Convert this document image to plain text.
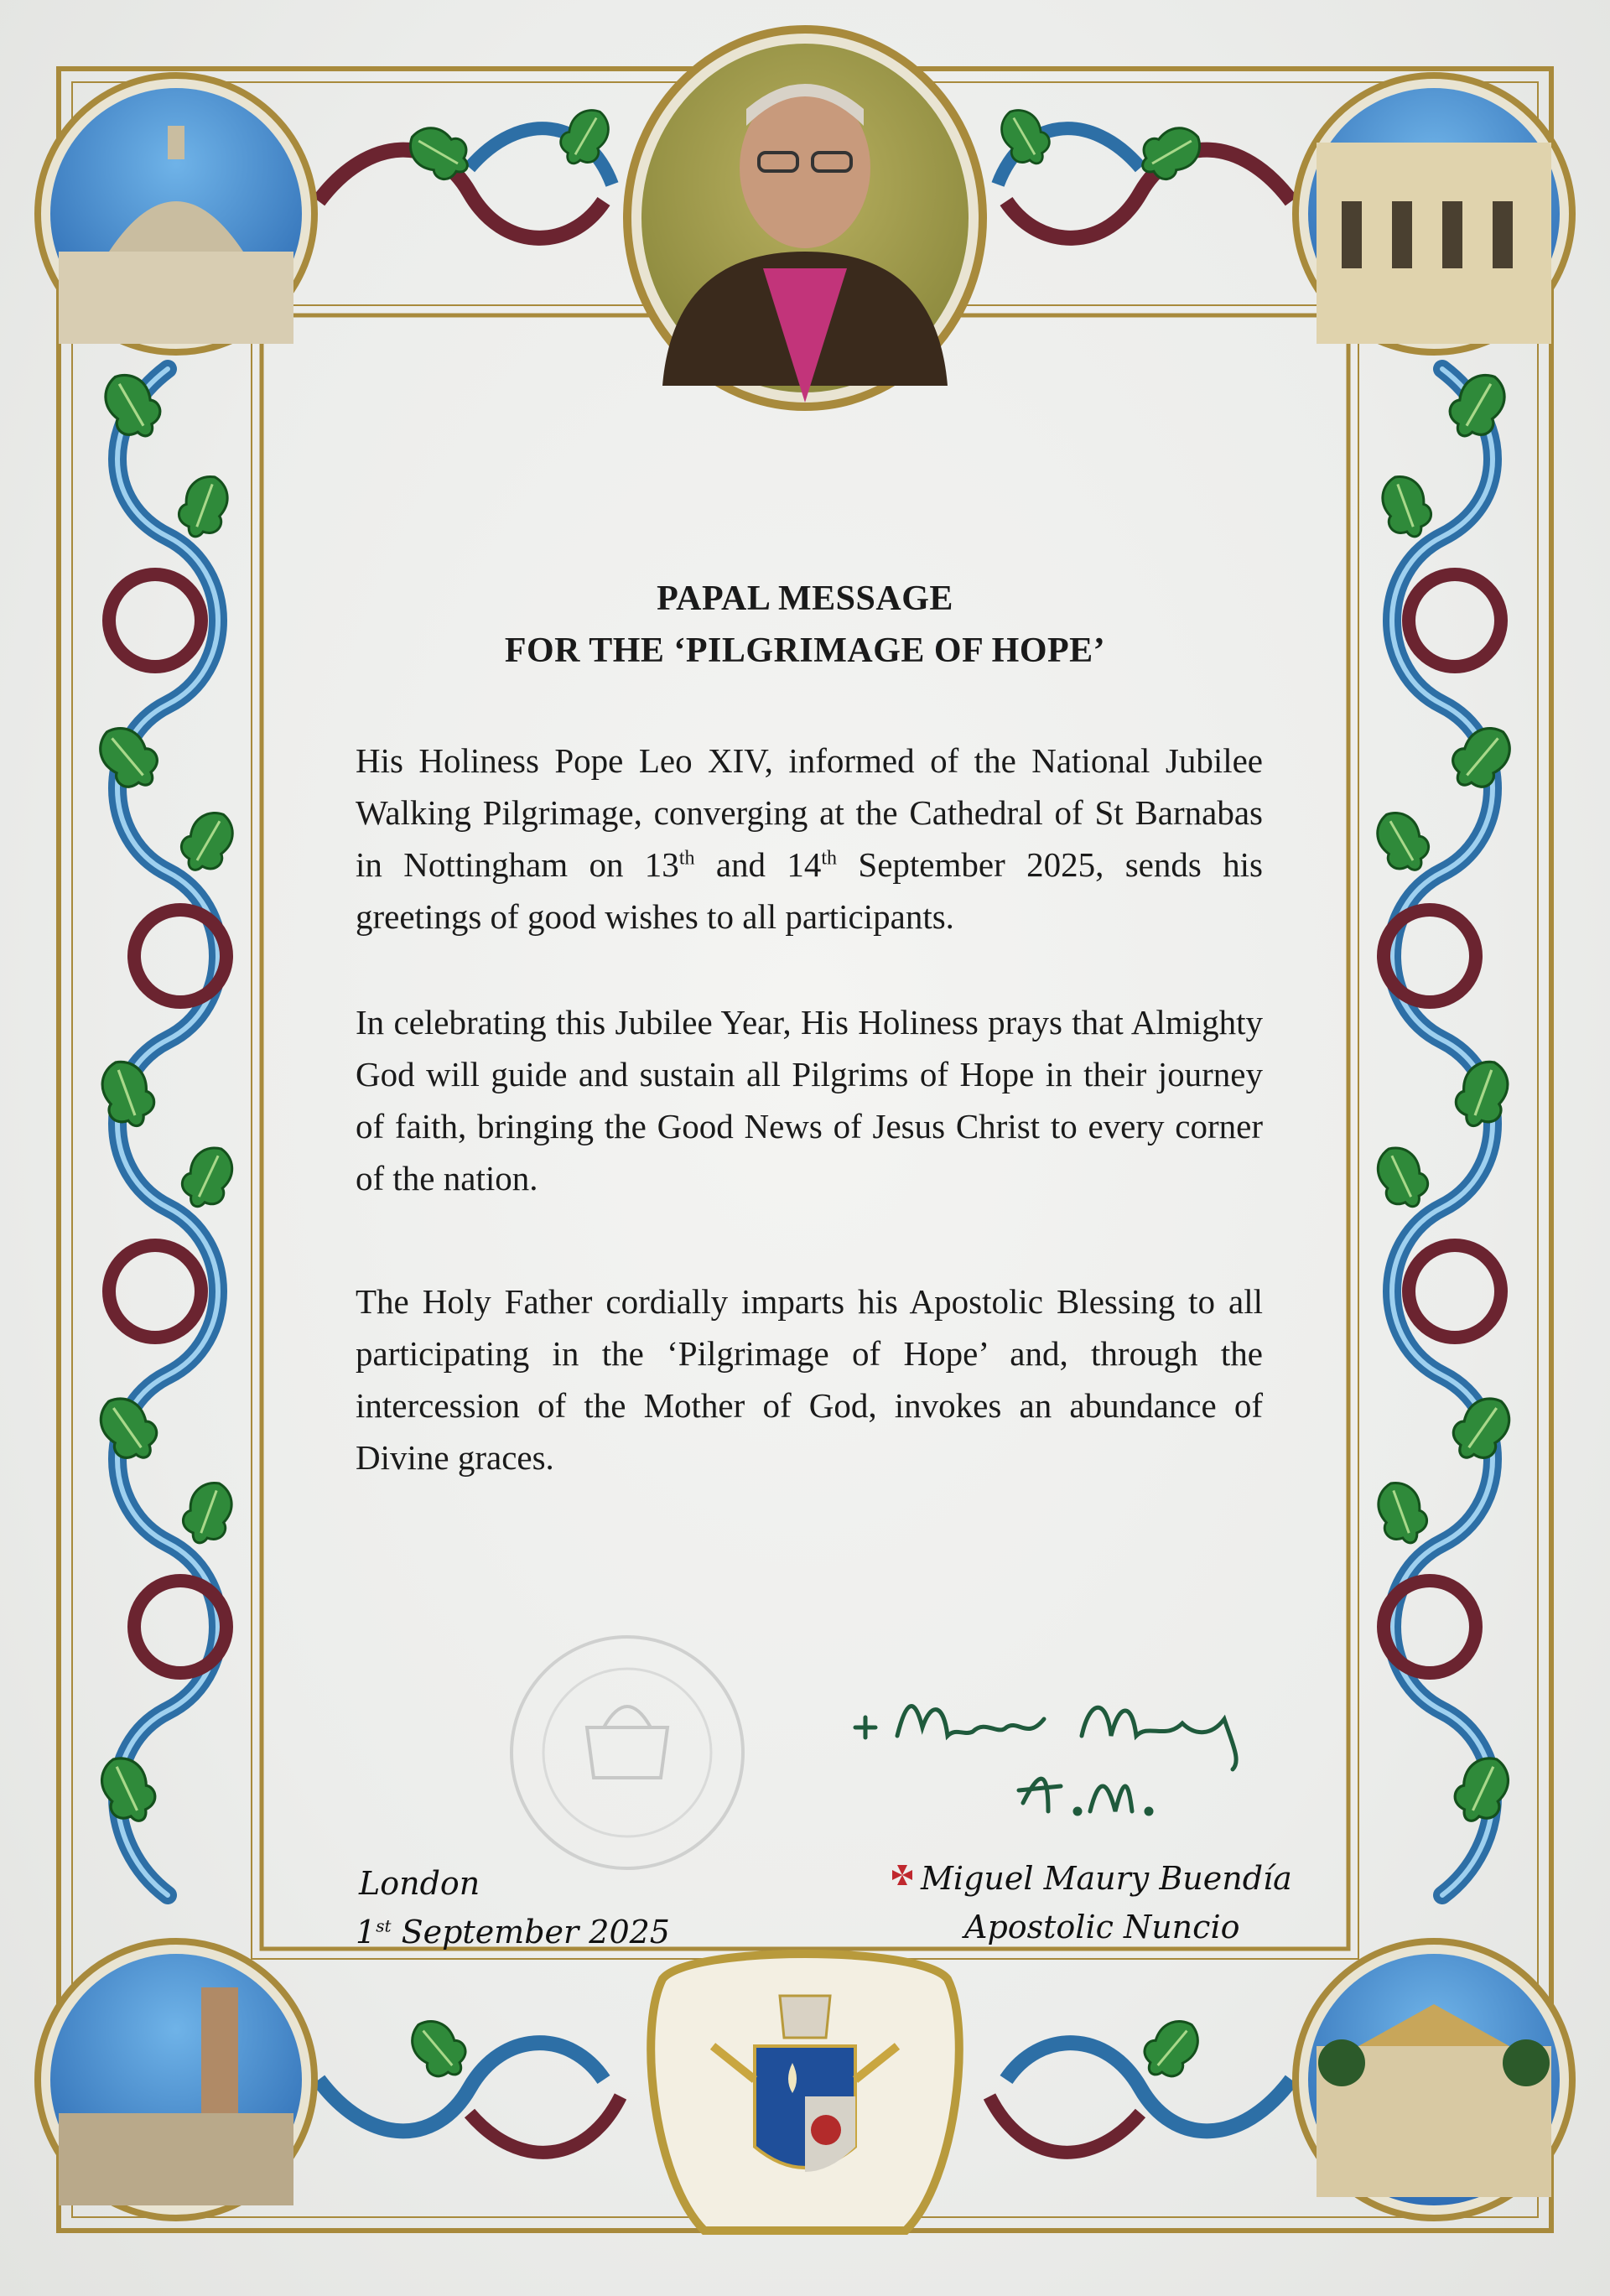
PAPAL MESSAGE
FOR THE ‘PILGRIMAGE OF HOPE’

His Holiness Pope Leo XIV, informed of the National Jubilee Walking Pilgrimage, converging at the Cathedral of St Barnabas in Nottingham on 13th and 14th September 2025, sends his greetings of good wishes to all participants.

In celebrating this Jubilee Year, His Holiness prays that Almighty God will guide and sustain all Pilgrims of Hope in their journey of faith, bringing the Good News of Jesus Christ to every corner of the nation.

The Holy Father cordially imparts his Apostolic Blessing to all participating in the ‘Pilgrimage of Hope’ and, through the intercession of the Mother of God, invokes an abundance of Divine graces.

London
1st September 2025
Miguel Maury Buendía
Apostolic Nuncio
